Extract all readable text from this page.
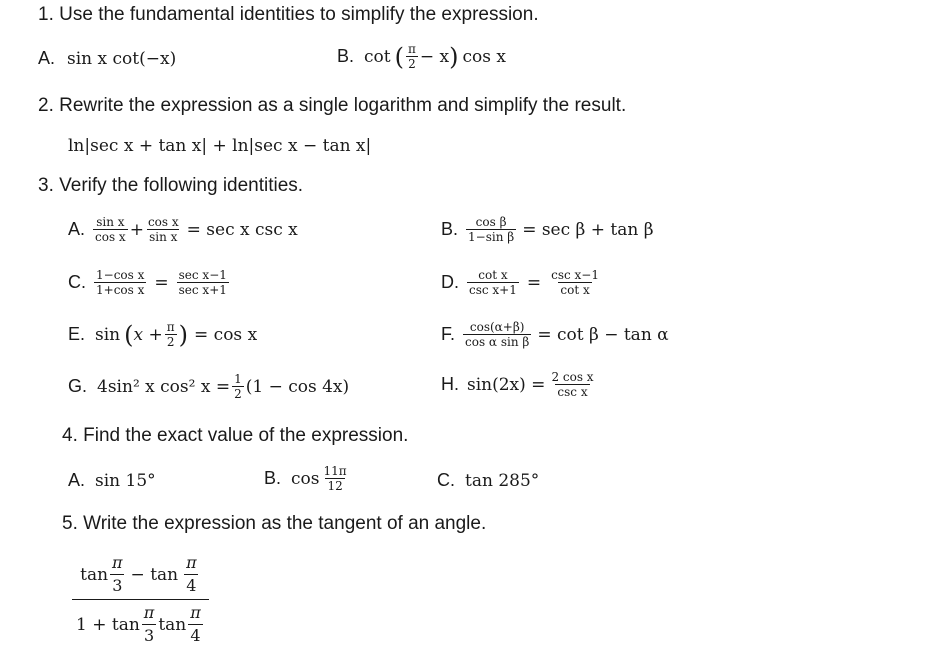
1. Use the fundamental identities to simplify the expression.
A. sin x cot(−x)	B. cot ( $\frac{\pi}{2} - x$ ) cos x
2. Rewrite the expression as a single logarithm and simplify the result.
ln|sec x + tan x| + ln|sec x − tan x|
3. Verify the following identities.
A. $\frac{\text{sin x}}{\text{cos x}} + \frac{\text{cos x}}{\text{sin x}} = \sec x$ csc x	B. $\frac{\text{cos β}}{\text{1−sin β}} = \sec \beta + \tan \beta$
C. $\frac{\text{1−cos x}}{\text{1+cos x}} = \frac{\text{sec x−1}}{\text{sec x+1}}$	D. $\frac{\text{cot x}}{\text{csc x+1}} = \frac{\text{csc x−1}}{\text{cot x}}$
E. sin ( $x + \frac{\pi}{2}$ ) = cos x	F. $\frac{\cos(\alpha+\beta)}{\text{cos α sin β}} = \cot \beta - \tan \alpha$
G. 4sin² x cos² $x = \frac{1}{2} (1 - \cos 4x)$	H. $\sin(2x) = \frac{\text{2 cos x}}{\text{csc x}}$
4. Find the exact value of the expression.
A. sin 15°	B. $\cos \frac{11\pi}{12}$	C. tan 285°
5. Write the expression as the tangent of an angle.
$\tan \frac{\pi}{3} - \tan \frac{\pi}{4}$
$1 + \tan \frac{\pi}{3}$ $\tan \frac{\pi}{4}$
